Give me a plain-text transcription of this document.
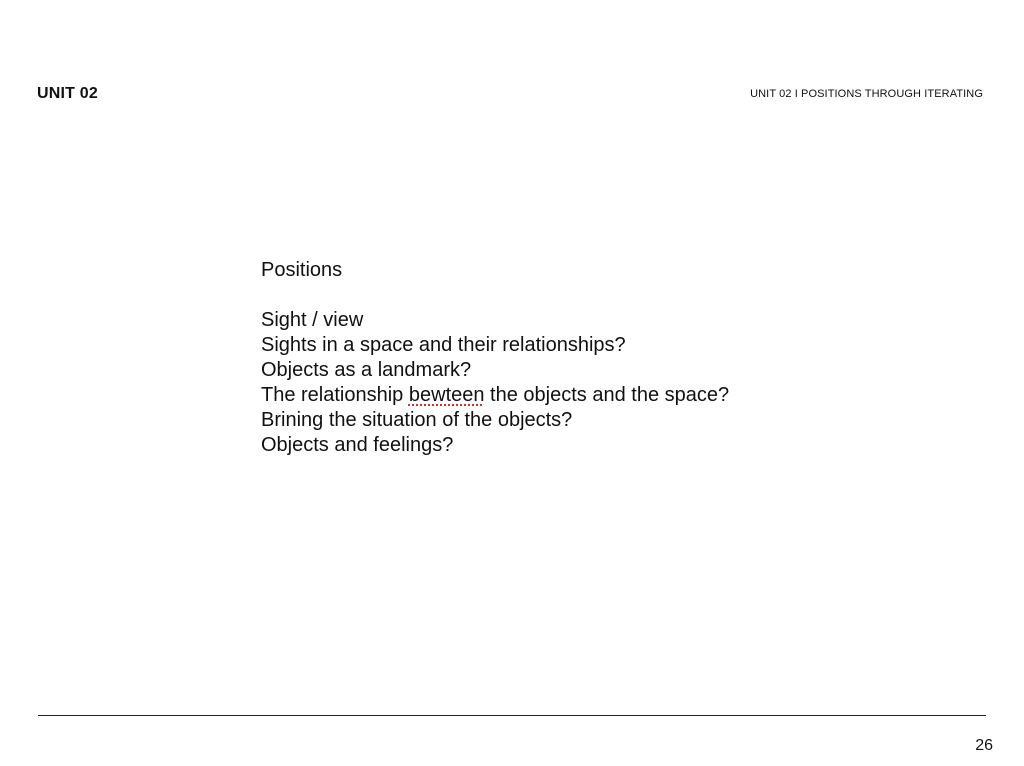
UNIT 02	UNIT 02 I POSITIONS THROUGH ITERATING

Positions

Sight / view

Sights in a space and their relationships?

Objects as a landmark?

The relationship bewteen the objects and the space?

Brining the situation of the objects?

Objects and feelings?

26
